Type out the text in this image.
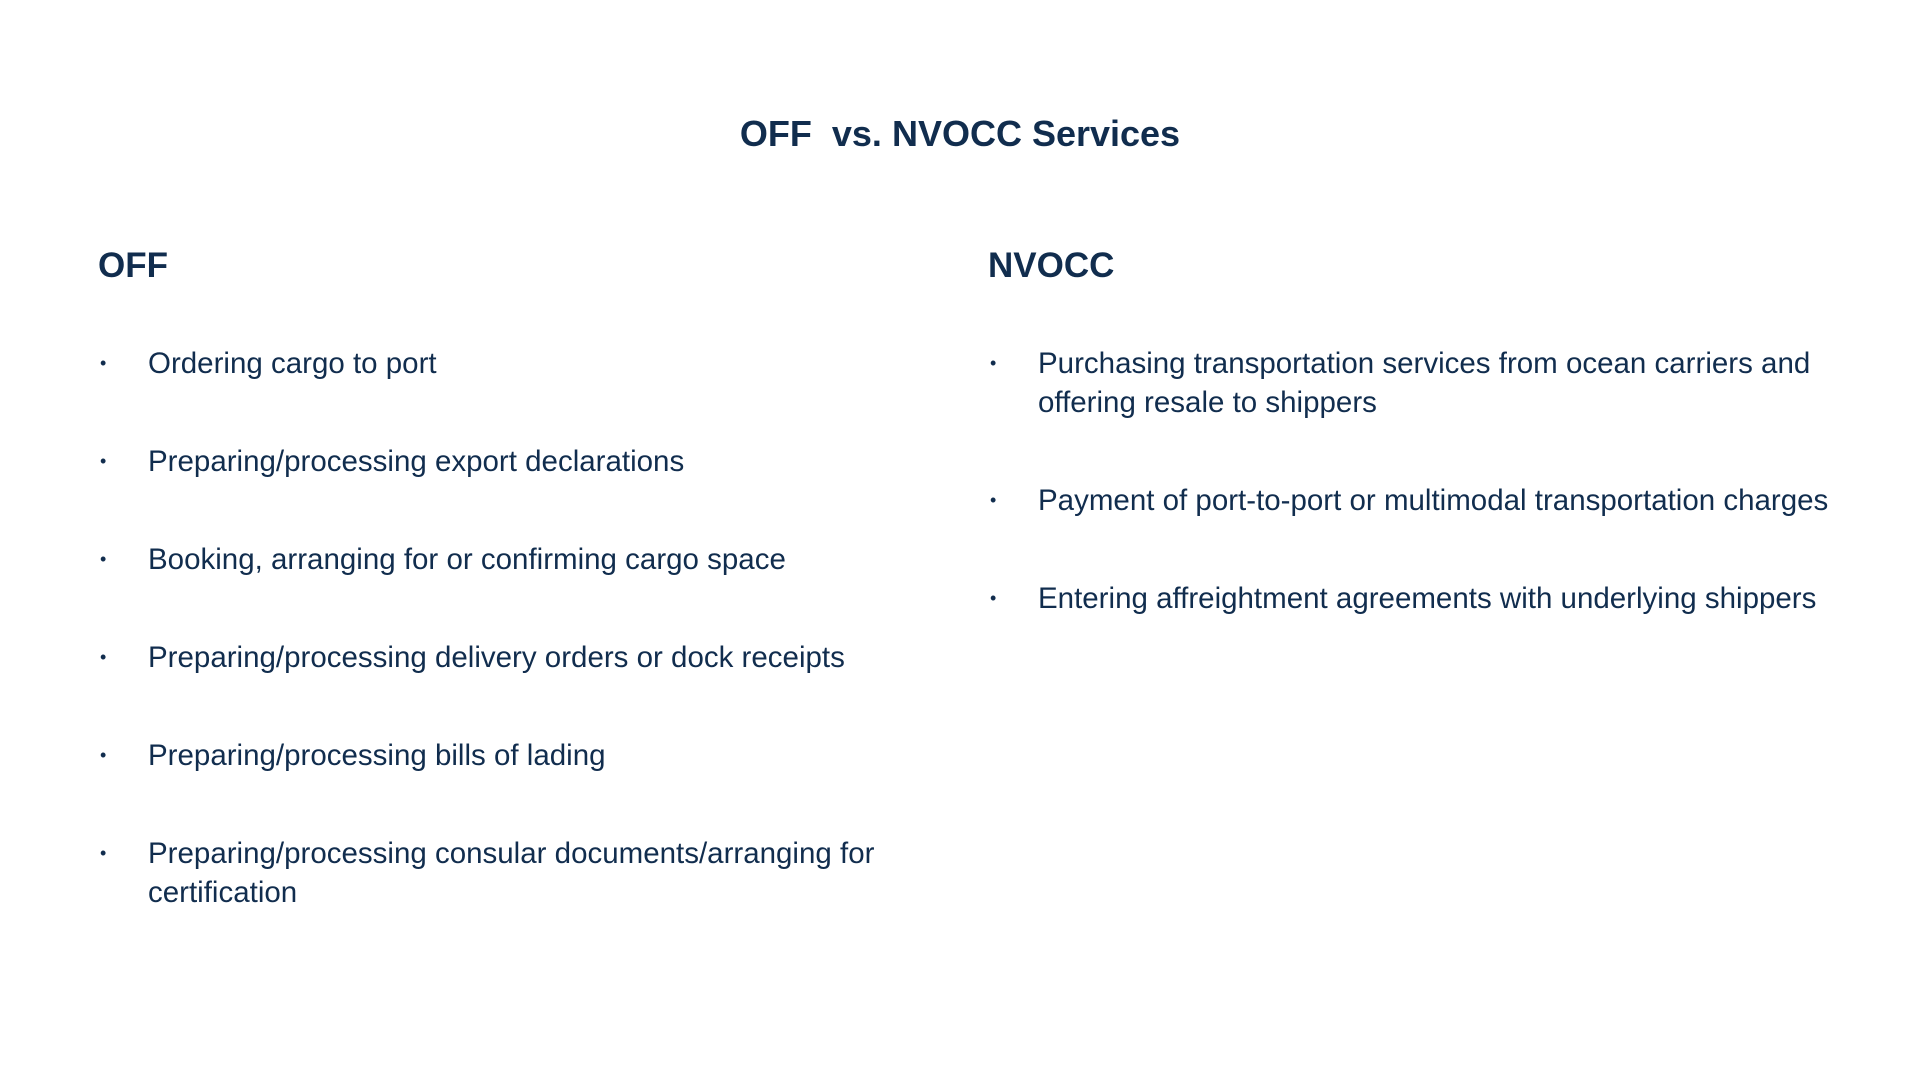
OFF  vs. NVOCC Services
OFF
• Ordering cargo to port
• Preparing/processing export declarations
• Booking, arranging for or confirming cargo space
• Preparing/processing delivery orders or dock receipts
• Preparing/processing bills of lading
• Preparing/processing consular documents/arranging for certification
NVOCC
• Purchasing transportation services from ocean carriers and offering resale to shippers
• Payment of port-to-port or multimodal transportation charges
• Entering affreightment agreements with underlying shippers
